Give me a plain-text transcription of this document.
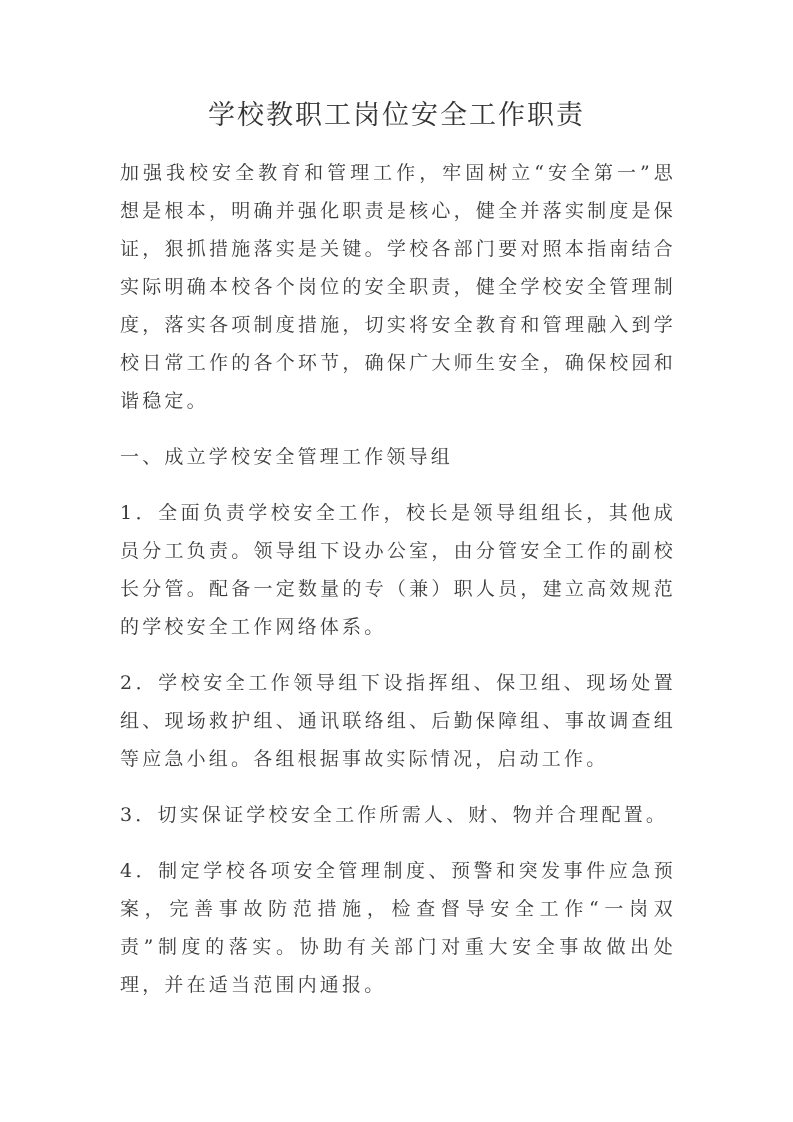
学校教职工岗位安全工作职责

加强我校安全教育和管理工作，牢固树立“安全第一”思想是根本，明确并强化职责是核心，健全并落实制度是保证，狠抓措施落实是关键。学校各部门要对照本指南结合实际明确本校各个岗位的安全职责，健全学校安全管理制度，落实各项制度措施，切实将安全教育和管理融入到学校日常工作的各个环节，确保广大师生安全，确保校园和谐稳定。

一、成立学校安全管理工作领导组

1．全面负责学校安全工作，校长是领导组组长，其他成员分工负责。领导组下设办公室，由分管安全工作的副校长分管。配备一定数量的专（兼）职人员，建立高效规范的学校安全工作网络体系。

2．学校安全工作领导组下设指挥组、保卫组、现场处置组、现场救护组、通讯联络组、后勤保障组、事故调查组等应急小组。各组根据事故实际情况，启动工作。

3．切实保证学校安全工作所需人、财、物并合理配置。

4．制定学校各项安全管理制度、预警和突发事件应急预案，完善事故防范措施，检查督导安全工作“一岗双责”制度的落实。协助有关部门对重大安全事故做出处理，并在适当范围内通报。
